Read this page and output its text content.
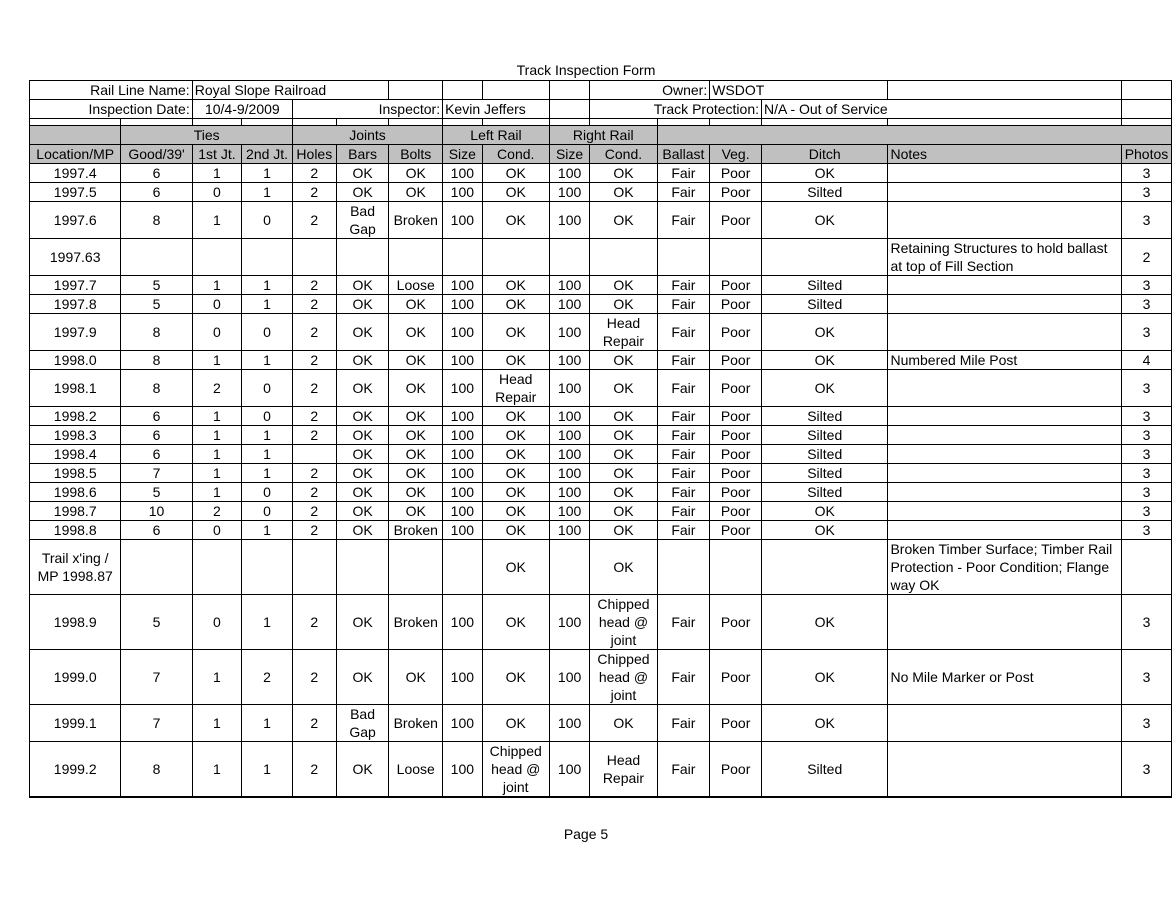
Track Inspection Form
Rail Line Name:		Royal Slope Railroad								Owner:		WSDOT			
Inspection Date:		10/4-9/2009		Inspector:			Kevin Jeffers			Track Protection:			N/A - Out of Service		

	Ties			Joints			Left Rail		Right Rail						
Location/MP	Good/39'	1st Jt.	2nd Jt.	Holes	Bars	Bolts	Size	Cond.	Size	Cond.	Ballast	Veg.	Ditch	Notes	Photos
1997.4	6	1	1	2	OK	OK	100	OK	100	OK	Fair	Poor	OK		3
1997.5	6	0	1	2	OK	OK	100	OK	100	OK	Fair	Poor	Silted		3
1997.6	8	1	0	2	Bad Gap	Broken	100	OK	100	OK	Fair	Poor	OK		3
1997.63														Retaining Structures to hold ballast at top of Fill Section	2
1997.7	5	1	1	2	OK	Loose	100	OK	100	OK	Fair	Poor	Silted		3
1997.8	5	0	1	2	OK	OK	100	OK	100	OK	Fair	Poor	Silted		3
1997.9	8	0	0	2	OK	OK	100	OK	100	Head Repair	Fair	Poor	OK		3
1998.0	8	1	1	2	OK	OK	100	OK	100	OK	Fair	Poor	OK	Numbered Mile Post	4
1998.1	8	2	0	2	OK	OK	100	Head Repair	100	OK	Fair	Poor	OK		3
1998.2	6	1	0	2	OK	OK	100	OK	100	OK	Fair	Poor	Silted		3
1998.3	6	1	1	2	OK	OK	100	OK	100	OK	Fair	Poor	Silted		3
1998.4	6	1	1		OK	OK	100	OK	100	OK	Fair	Poor	Silted		3
1998.5	7	1	1	2	OK	OK	100	OK	100	OK	Fair	Poor	Silted		3
1998.6	5	1	0	2	OK	OK	100	OK	100	OK	Fair	Poor	Silted		3
1998.7	10	2	0	2	OK	OK	100	OK	100	OK	Fair	Poor	OK		3
1998.8	6	0	1	2	OK	Broken	100	OK	100	OK	Fair	Poor	OK		3
Trail x'ing / MP 1998.87								OK		OK				Broken Timber Surface; Timber Rail Protection - Poor Condition; Flange way OK	
1998.9	5	0	1	2	OK	Broken	100	OK	100	Chipped head @ joint	Fair	Poor	OK		3
1999.0	7	1	2	2	OK	OK	100	OK	100	Chipped head @ joint	Fair	Poor	OK	No Mile Marker or Post	3
1999.1	7	1	1	2	Bad Gap	Broken	100	OK	100	OK	Fair	Poor	OK		3
1999.2	8	1	1	2	OK	Loose	100	Chipped head @ joint	100	Head Repair	Fair	Poor	Silted		3
Page 5
